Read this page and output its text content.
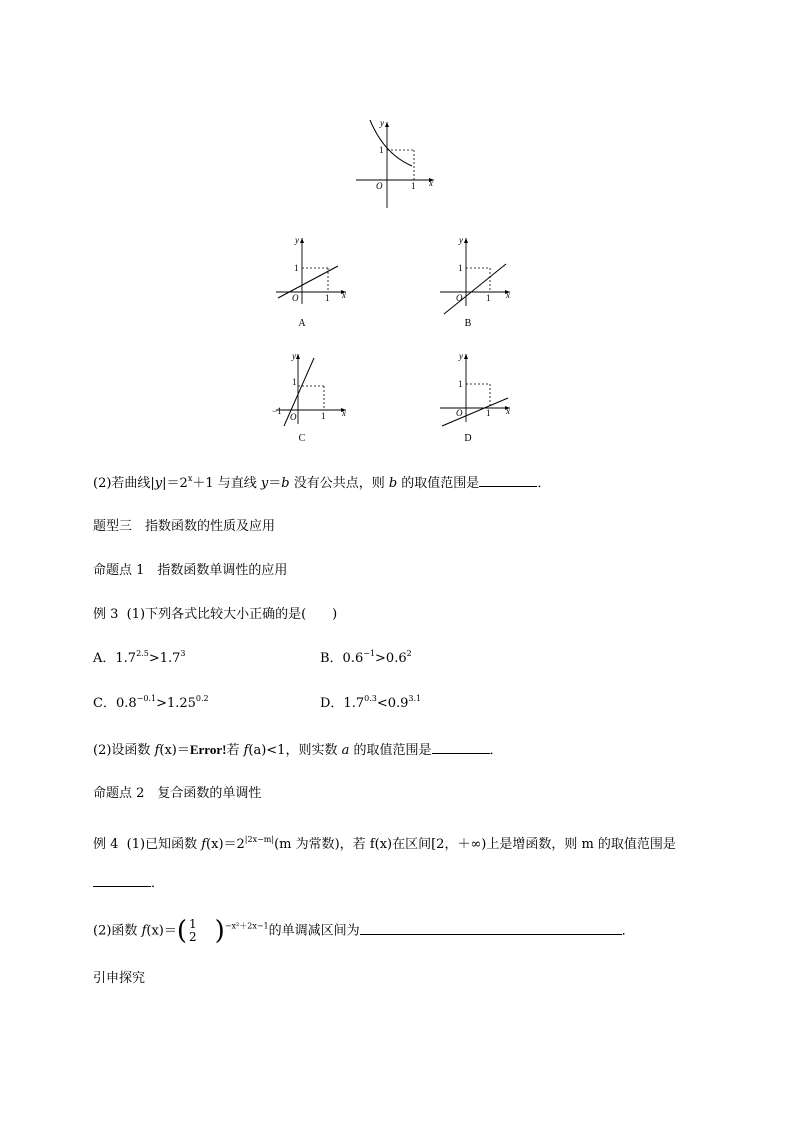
y
1
O	1 x
y
1
O	1 x
A
y
1
O	1 x
B
y
1
−1
O	1 x
C
y
1
O	1 x
D
(2)若曲线$|y|=2^x+1$ 与直线 y＝b 没有公共点，则 b 的取值范围是	．
题型三　指数函数的性质及应用
命题点 1　指数函数单调性的应用
例 3 (1)下列各式比较大小正确的是(　　)
A．$1.7^{2.5}>1.7^3$	B．$0.6^{-1}>0.6^2$
C．$0.8^{-0.1}>1.25^{0.2}$	D．$1.7^{0.3}<0.9^{3.1}$
(2)设函数 f(x)＝Error!若 f(a)<1，则实数 a 的取值范围是	．
命题点 2　复合函数的单调性
例 4 (1)已知函数 $f(x)=2^{|2x-m|}(m$ 为常数)，若 f(x)在区间[2，＋∞)上是增函数，则 m 的取值范围是
．
(2)函数 f(x)＝( 1
2 )$^{-x^2+2x-1}$的单调减区间为	．
引申探究
